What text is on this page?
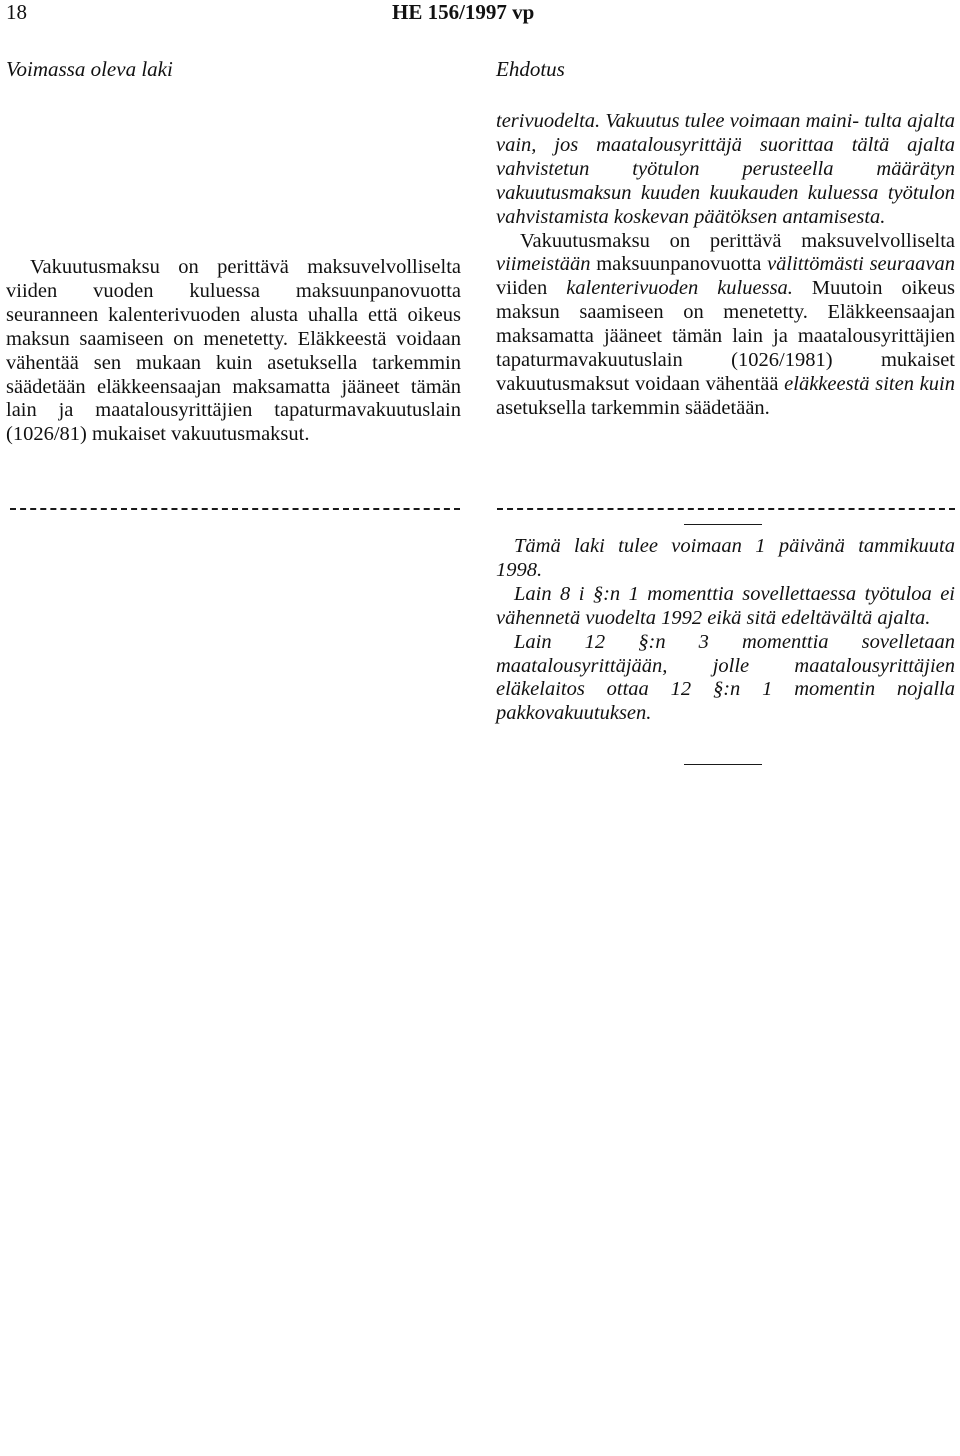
18	HE 156/1997 vp
Voimassa oleva laki	Ehdotus

Vakuutusmaksu on perittävä maksuvelvolliselta viiden vuoden kuluessa maksuunpanovuotta seuranneen kalenterivuoden alusta uhalla että oikeus maksun saamiseen on menetetty. Eläkkeestä voidaan vähentää sen mukaan kuin asetuksella tarkemmin säädetään eläkkeensaajan maksamatta jääneet tämän lain ja maatalousyrittäjien tapaturmavakuutuslain (1026/81) mukaiset vakuutusmaksut.

terivuodelta. Vakuutus tulee voimaan maini- tulta ajalta vain, jos maatalousyrittäjä suorittaa tältä ajalta vahvistetun työtulon perusteella määrätyn vakuutusmaksun kuuden kuukauden kuluessa työtulon vahvistamista koskevan päätöksen antamisesta.

Vakuutusmaksu on perittävä maksuvelvolliselta viimeistään maksuunpanovuotta välittömästi seuraavan viiden kalenterivuoden kuluessa. Muutoin oikeus maksun saamiseen on menetetty. Eläkkeensaajan maksamatta jääneet tämän lain ja maatalousyrittäjien tapaturmavakuutuslain (1026/1981) mukaiset vakuutusmaksut voidaan vähentää eläkkeestä siten kuin asetuksella tarkemmin säädetään.

Tämä laki tulee voimaan 1 päivänä tammikuuta 1998.

Lain 8 i §:n 1 momenttia sovellettaessa työtuloa ei vähennetä vuodelta 1992 eikä sitä edeltävältä ajalta.

Lain 12 §:n 3 momenttia sovelletaan maatalousyrittäjään, jolle maatalousyrittäjien eläkelaitos ottaa 12 §:n 1 momentin nojalla pakkovakuutuksen.
